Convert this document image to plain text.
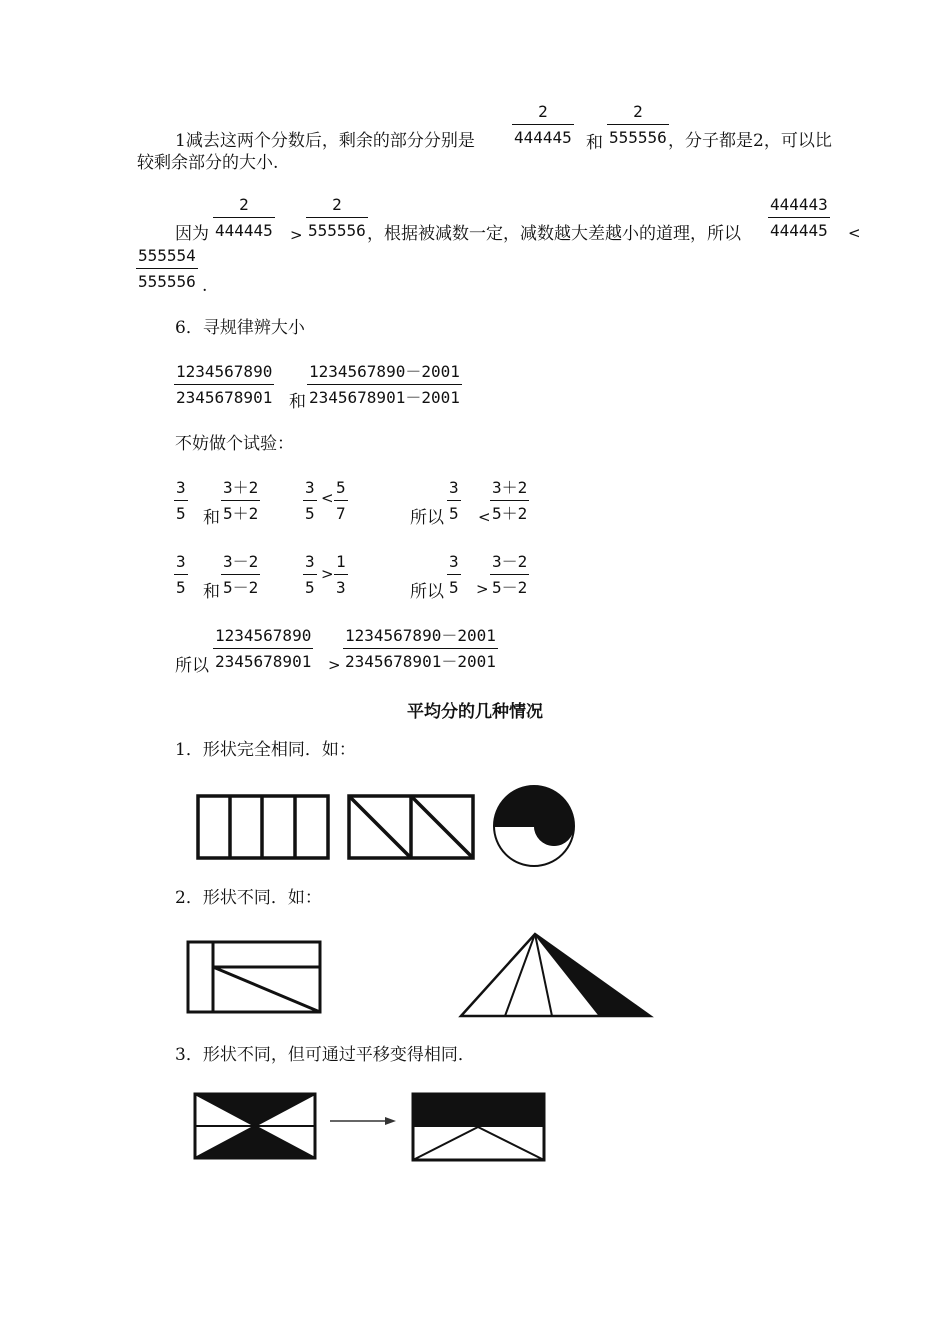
1减去这两个分数后，剩余的部分分别是 $\frac{2}{444445}$ 和 $\frac{2}{555556}$ ，分子都是2，可以比
较剩余部分的大小.
因为 $\frac{2}{444445} > \frac{2}{555556}$ ，根据被减数一定，减数越大差越小的道理，所以 $\frac{444443}{444445}$ <
$\frac{555554}{555556}$ .
6．寻规律辨大小
$\frac{1234567890}{2345678901}$ 和 $\frac{1234567890-2001}{2345678901-2001}$
不妨做个试验：
$\frac{3}{5}$ 和 $\frac{3+2}{5+2}$	$\frac{3}{5} < \frac{5}{7}$	所以 $\frac{3}{5} < \frac{3+2}{5+2}$
$\frac{3}{5}$ 和 $\frac{3-2}{5-2}$	$\frac{3}{5} > \frac{1}{3}$	所以 $\frac{3}{5} > \frac{3-2}{5-2}$
所以 $\frac{1234567890}{2345678901} > \frac{1234567890-2001}{2345678901-2001}$
平均分的几种情况
1．形状完全相同．如：
2．形状不同．如：
3．形状不同，但可通过平移变得相同．
